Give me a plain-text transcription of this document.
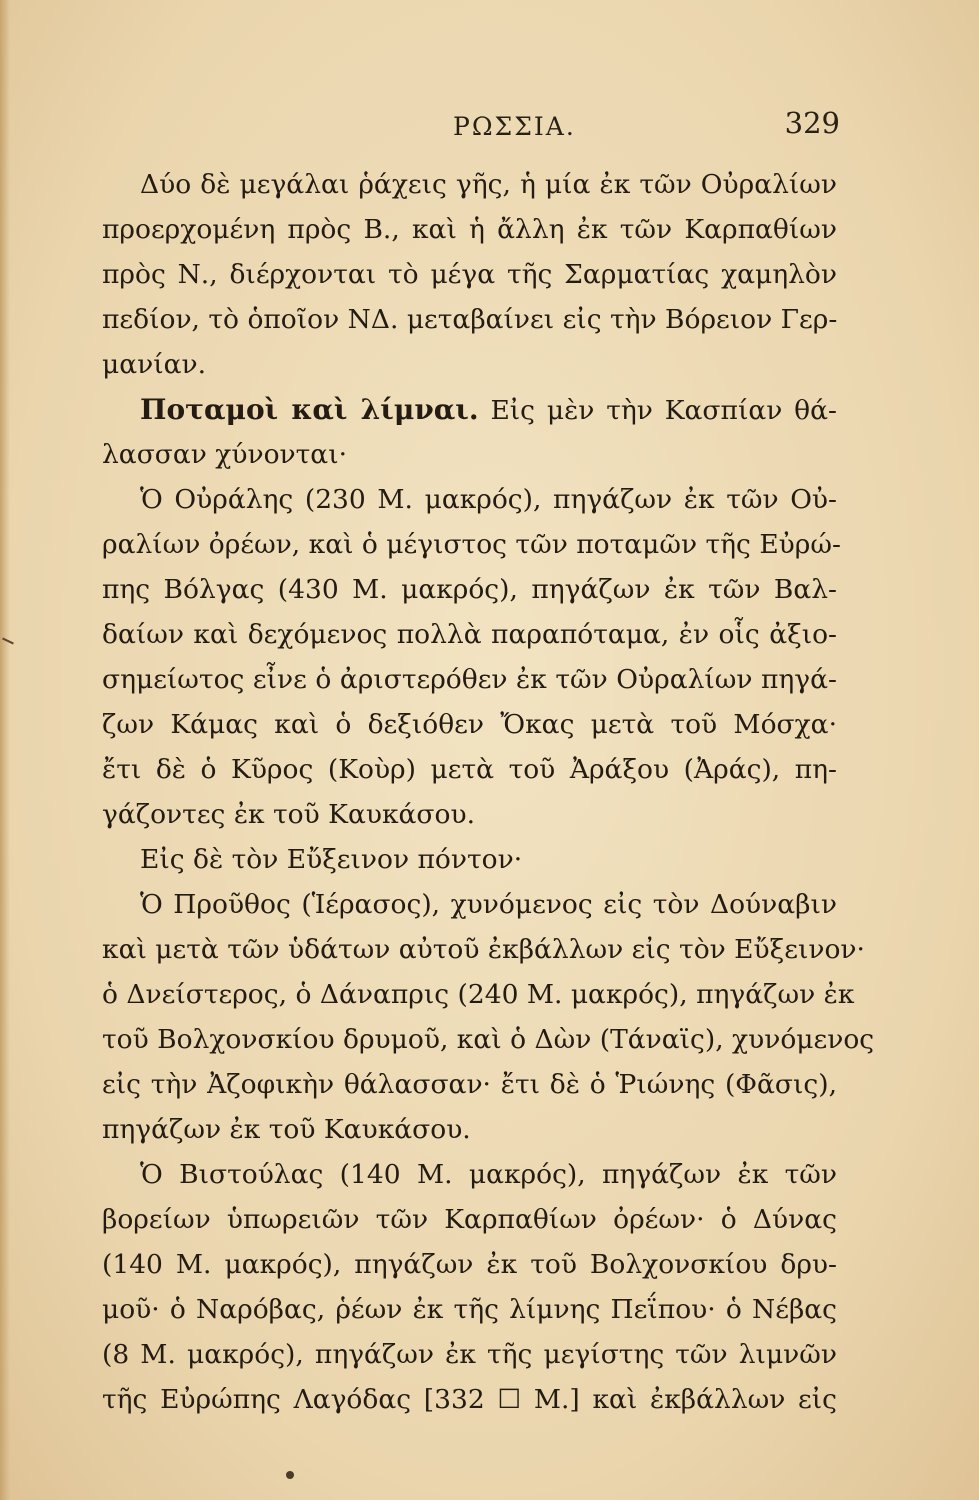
ΡΩΣΣΙΑ.	329
Δύο δὲ μεγάλαι ῥάχεις γῆς, ἡ μία ἐκ τῶν Οὐραλίων
προερχομένη πρὸς Β., καὶ ἡ ἄλλη ἐκ τῶν Καρπαθίων
πρὸς Ν., διέρχονται τὸ μέγα τῆς Σαρματίας χαμηλὸν
πεδίον, τὸ ὁποῖον ΝΔ. μεταβαίνει εἰς τὴν Βόρειον Γερ-
μανίαν.
Ποταμοὶ καὶ λίμναι. Εἰς μὲν τὴν Κασπίαν θά-
λασσαν χύνονται·
Ὁ Οὐράλης (230 Μ. μακρός), πηγάζων ἐκ τῶν Οὐ-
ραλίων ὀρέων, καὶ ὁ μέγιστος τῶν ποταμῶν τῆς Εὐρώ-
πης Βόλγας (430 Μ. μακρός), πηγάζων ἐκ τῶν Βαλ-
δαίων καὶ δεχόμενος πολλὰ παραπόταμα, ἐν οἷς ἀξιο-
σημείωτος εἶνε ὁ ἀριστερόθεν ἐκ τῶν Οὐραλίων πηγά-
ζων Κάμας καὶ ὁ δεξιόθεν Ὄκας μετὰ τοῦ Μόσχα·
ἔτι δὲ ὁ Κῦρος (Κοὺρ) μετὰ τοῦ Ἀράξου (Ἀράς), πη-
γάζοντες ἐκ τοῦ Καυκάσου.
Εἰς δὲ τὸν Εὔξεινον πόντον·
Ὁ Προῦθος (Ἱέρασος), χυνόμενος εἰς τὸν Δούναβιν
καὶ μετὰ τῶν ὑδάτων αὐτοῦ ἐκβάλλων εἰς τὸν Εὔξεινον·
ὁ Δνείστερος, ὁ Δάναπρις (240 Μ. μακρός), πηγάζων ἐκ
τοῦ Βολχονσκίου δρυμοῦ, καὶ ὁ Δὼν (Τάναϊς), χυνόμενος
εἰς τὴν Ἀζοφικὴν θάλασσαν· ἔτι δὲ ὁ Ῥιώνης (Φᾶσις),
πηγάζων ἐκ τοῦ Καυκάσου.
Ὁ Βιστούλας (140 Μ. μακρός), πηγάζων ἐκ τῶν
βορείων ὑπωρειῶν τῶν Καρπαθίων ὀρέων· ὁ Δύνας
(140 Μ. μακρός), πηγάζων ἐκ τοῦ Βολχονσκίου δρυ-
μοῦ· ὁ Ναρόβας, ῥέων ἐκ τῆς λίμνης Πεΐπου· ὁ Νέβας
(8 Μ. μακρός), πηγάζων ἐκ τῆς μεγίστης τῶν λιμνῶν
τῆς Εὐρώπης Λαγόδας [332 ☐ Μ.] καὶ ἐκβάλλων εἰς
